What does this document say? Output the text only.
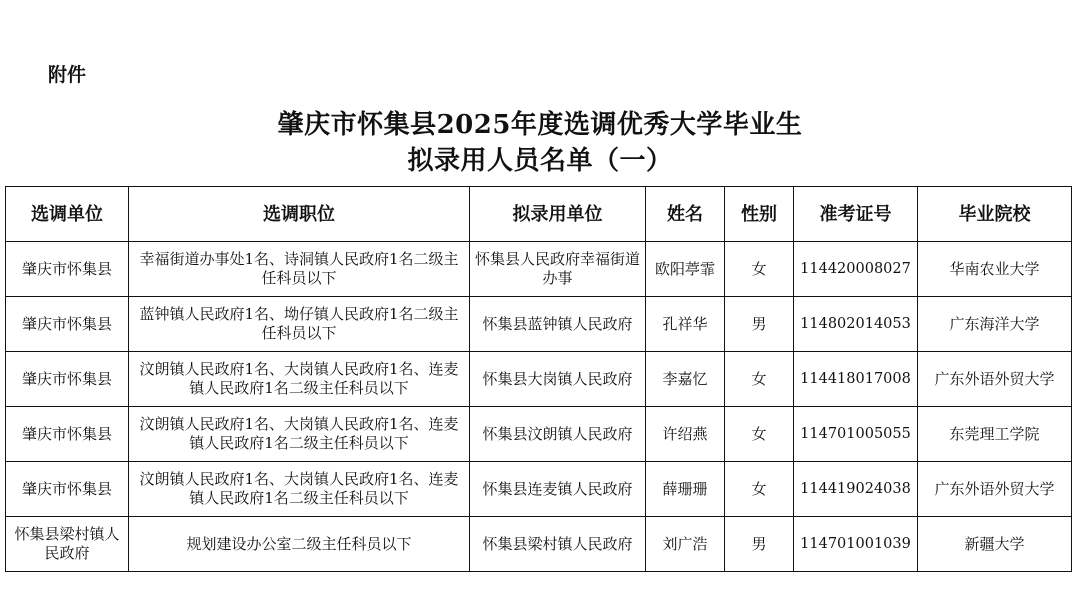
附件
肇庆市怀集县2025年度选调优秀大学毕业生
拟录用人员名单（一）
选调单位	选调职位	拟录用单位	姓名	性别	准考证号	毕业院校
肇庆市怀集县	幸福街道办事处1名、诗洞镇人民政府1名二级主任科员以下	怀集县人民政府幸福街道办事	欧阳葶霏	女	114420008027	华南农业大学
肇庆市怀集县	蓝钟镇人民政府1名、坳仔镇人民政府1名二级主任科员以下	怀集县蓝钟镇人民政府	孔祥华	男	114802014053	广东海洋大学
肇庆市怀集县	汶朗镇人民政府1名、大岗镇人民政府1名、连麦镇人民政府1名二级主任科员以下	怀集县大岗镇人民政府	李嘉忆	女	114418017008	广东外语外贸大学
肇庆市怀集县	汶朗镇人民政府1名、大岗镇人民政府1名、连麦镇人民政府1名二级主任科员以下	怀集县汶朗镇人民政府	许绍燕	女	114701005055	东莞理工学院
肇庆市怀集县	汶朗镇人民政府1名、大岗镇人民政府1名、连麦镇人民政府1名二级主任科员以下	怀集县连麦镇人民政府	薛珊珊	女	114419024038	广东外语外贸大学
怀集县梁村镇人民政府	规划建设办公室二级主任科员以下	怀集县梁村镇人民政府	刘广浩	男	114701001039	新疆大学
